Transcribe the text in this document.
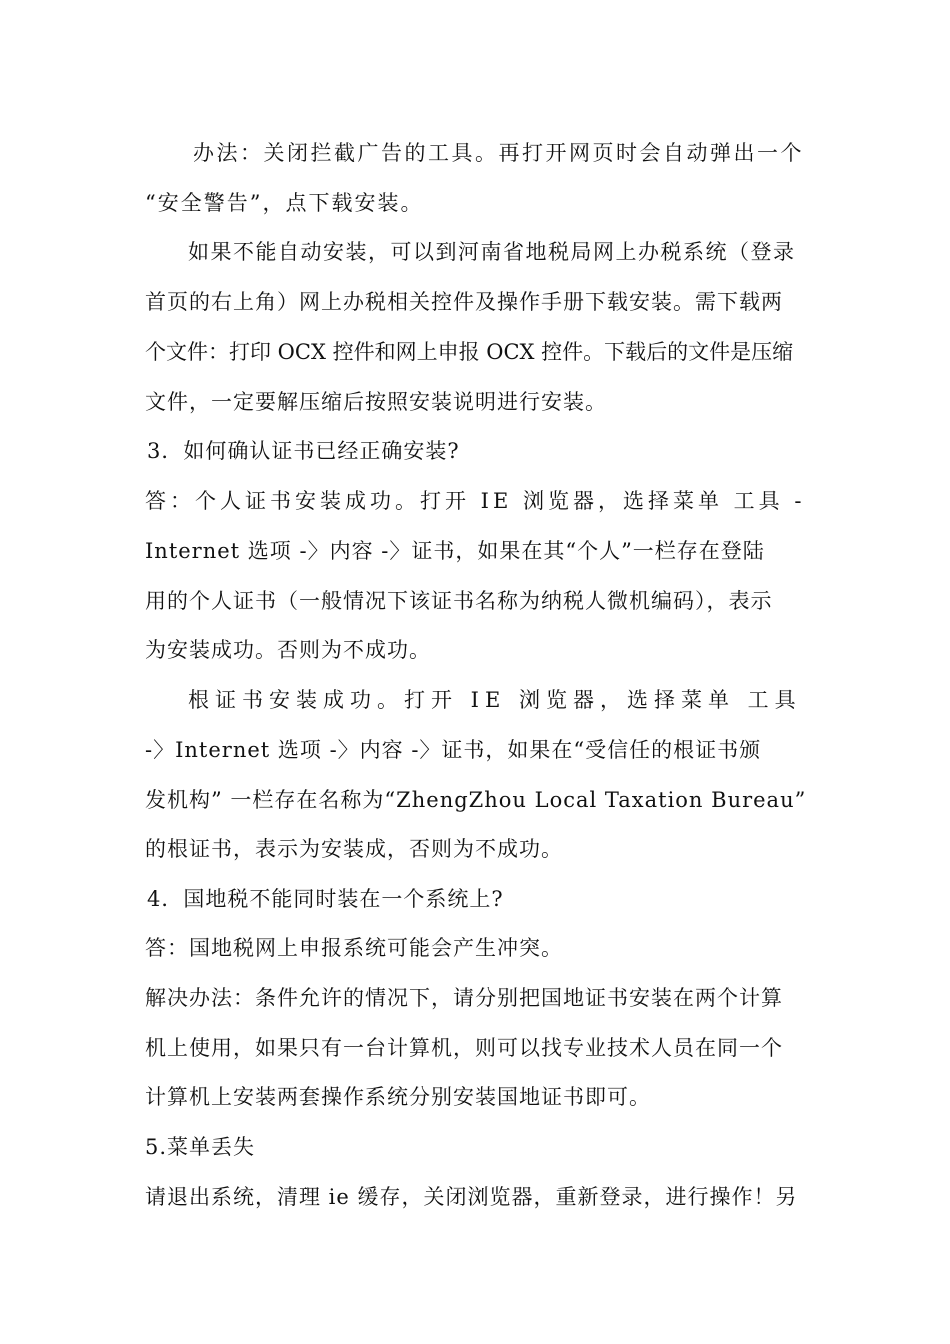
办法：关闭拦截广告的工具。再打开网页时会自动弹出一个
“安全警告”，点下载安装。
如果不能自动安装，可以到河南省地税局网上办税系统（登录
首页的右上角）网上办税相关控件及操作手册下载安装。需下载两
个文件：打印 OCX 控件和网上申报 OCX 控件。下载后的文件是压缩
文件，一定要解压缩后按照安装说明进行安装。
3．如何确认证书已经正确安装?
答：个人证书安装成功。打开 IE 浏览器，选择菜单 工具 -
Internet 选项 -〉内容 -〉证书，如果在其“个人”一栏存在登陆
用的个人证书（一般情况下该证书名称为纳税人微机编码），表示
为安装成功。否则为不成功。
根证书安装成功。打开 IE 浏览器，选择菜单 工具
-〉Internet 选项 -〉内容 -〉证书，如果在“受信任的根证书颁
发机构” 一栏存在名称为“ZhengZhou Local Taxation Bureau”
的根证书，表示为安装成，否则为不成功。
4．国地税不能同时装在一个系统上?
答：国地税网上申报系统可能会产生冲突。
解决办法：条件允许的情况下，请分别把国地证书安装在两个计算
机上使用，如果只有一台计算机，则可以找专业技术人员在同一个
计算机上安装两套操作系统分别安装国地证书即可。
5.菜单丢失
请退出系统，清理 ie 缓存，关闭浏览器，重新登录，进行操作！另
